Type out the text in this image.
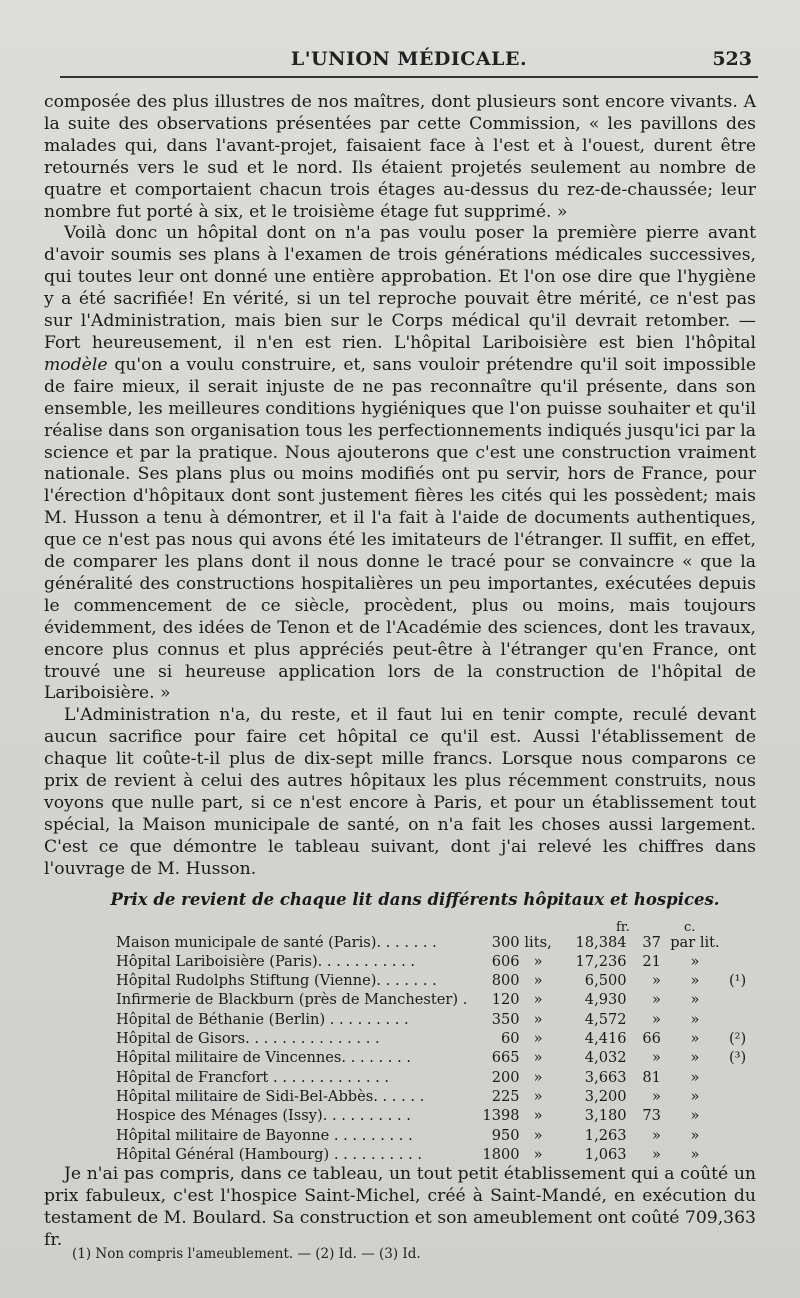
L'UNION MÉDICALE.	523

composée des plus illustres de nos maîtres, dont plusieurs sont encore vivants. A la suite des observations présentées par cette Commission, « les pavillons des malades qui, dans l'avant-projet, faisaient face à l'est et à l'ouest, durent être retournés vers le sud et le nord. Ils étaient projetés seulement au nombre de quatre et comportaient chacun trois étages au-dessus du rez-de-chaussée; leur nombre fut porté à six, et le troisième étage fut supprimé. »

Voilà donc un hôpital dont on n'a pas voulu poser la première pierre avant d'avoir soumis ses plans à l'examen de trois générations médicales successives, qui toutes leur ont donné une entière approbation. Et l'on ose dire que l'hygiène y a été sacrifiée! En vérité, si un tel reproche pouvait être mérité, ce n'est pas sur l'Administration, mais bien sur le Corps médical qu'il devrait retomber. — Fort heureusement, il n'en est rien. L'hôpital Lariboisière est bien l'hôpital modèle qu'on a voulu construire, et, sans vouloir prétendre qu'il soit impossible de faire mieux, il serait injuste de ne pas reconnaître qu'il présente, dans son ensemble, les meilleures conditions hygiéniques que l'on puisse souhaiter et qu'il réalise dans son organisation tous les perfectionnements indiqués jusqu'ici par la science et par la pratique. Nous ajouterons que c'est une construction vraiment nationale. Ses plans plus ou moins modifiés ont pu servir, hors de France, pour l'érection d'hôpitaux dont sont justement fières les cités qui les possèdent; mais M. Husson a tenu à démontrer, et il l'a fait à l'aide de documents authentiques, que ce n'est pas nous qui avons été les imitateurs de l'étranger. Il suffit, en effet, de comparer les plans dont il nous donne le tracé pour se convaincre « que la généralité des constructions hospitalières un peu importantes, exécutées depuis le commencement de ce siècle, procèdent, plus ou moins, mais toujours évidemment, des idées de Tenon et de l'Académie des sciences, dont les travaux, encore plus connus et plus appréciés peut-être à l'étranger qu'en France, ont trouvé une si heureuse application lors de la construction de l'hôpital de Lariboisière. »

L'Administration n'a, du reste, et il faut lui en tenir compte, reculé devant aucun sacrifice pour faire cet hôpital ce qu'il est. Aussi l'établissement de chaque lit coûte-t-il plus de dix-sept mille francs. Lorsque nous comparons ce prix de revient à celui des autres hôpitaux les plus récemment construits, nous voyons que nulle part, si ce n'est encore à Paris, et pour un établissement tout spécial, la Maison municipale de santé, on n'a fait les choses aussi largement. C'est ce que démontre le tableau suivant, dont j'ai relevé les chiffres dans l'ouvrage de M. Husson.

Prix de revient de chaque lit dans différents hôpitaux et hospices.
fr.	c.
Maison municipale de santé (Paris). . . . . . .	300	lits,	18,384	37	par lit.	
Hôpital Lariboisière (Paris). . . . . . . . . . .	606	»	17,236	21	»	
Hôpital Rudolphs Stiftung (Vienne). . . . . . .	800	»	6,500	»	»	(¹)
Infirmerie de Blackburn (près de Manchester) .	120	»	4,930	»	»	
Hôpital de Béthanie (Berlin) . . . . . . . . .	350	»	4,572	»	»	
Hôpital de Gisors. . . . . . . . . . . . . . .	60	»	4,416	66	»	(²)
Hôpital militaire de Vincennes. . . . . . . .	665	»	4,032	»	»	(³)
Hôpital de Francfort . . . . . . . . . . . . .	200	»	3,663	81	»	
Hôpital militaire de Sidi-Bel-Abbès. . . . . .	225	»	3,200	»	»	
Hospice des Ménages (Issy). . . . . . . . . .	1398	»	3,180	73	»	
Hôpital militaire de Bayonne . . . . . . . . .	950	»	1,263	»	»	
Hôpital Général (Hambourg) . . . . . . . . . .	1800	»	1,063	»	»	

Je n'ai pas compris, dans ce tableau, un tout petit établissement qui a coûté un prix fabuleux, c'est l'hospice Saint-Michel, créé à Saint-Mandé, en exécution du testament de M. Boulard. Sa construction et son ameublement ont coûté 709,363 fr.

(1) Non compris l'ameublement. — (2) Id. — (3) Id.
